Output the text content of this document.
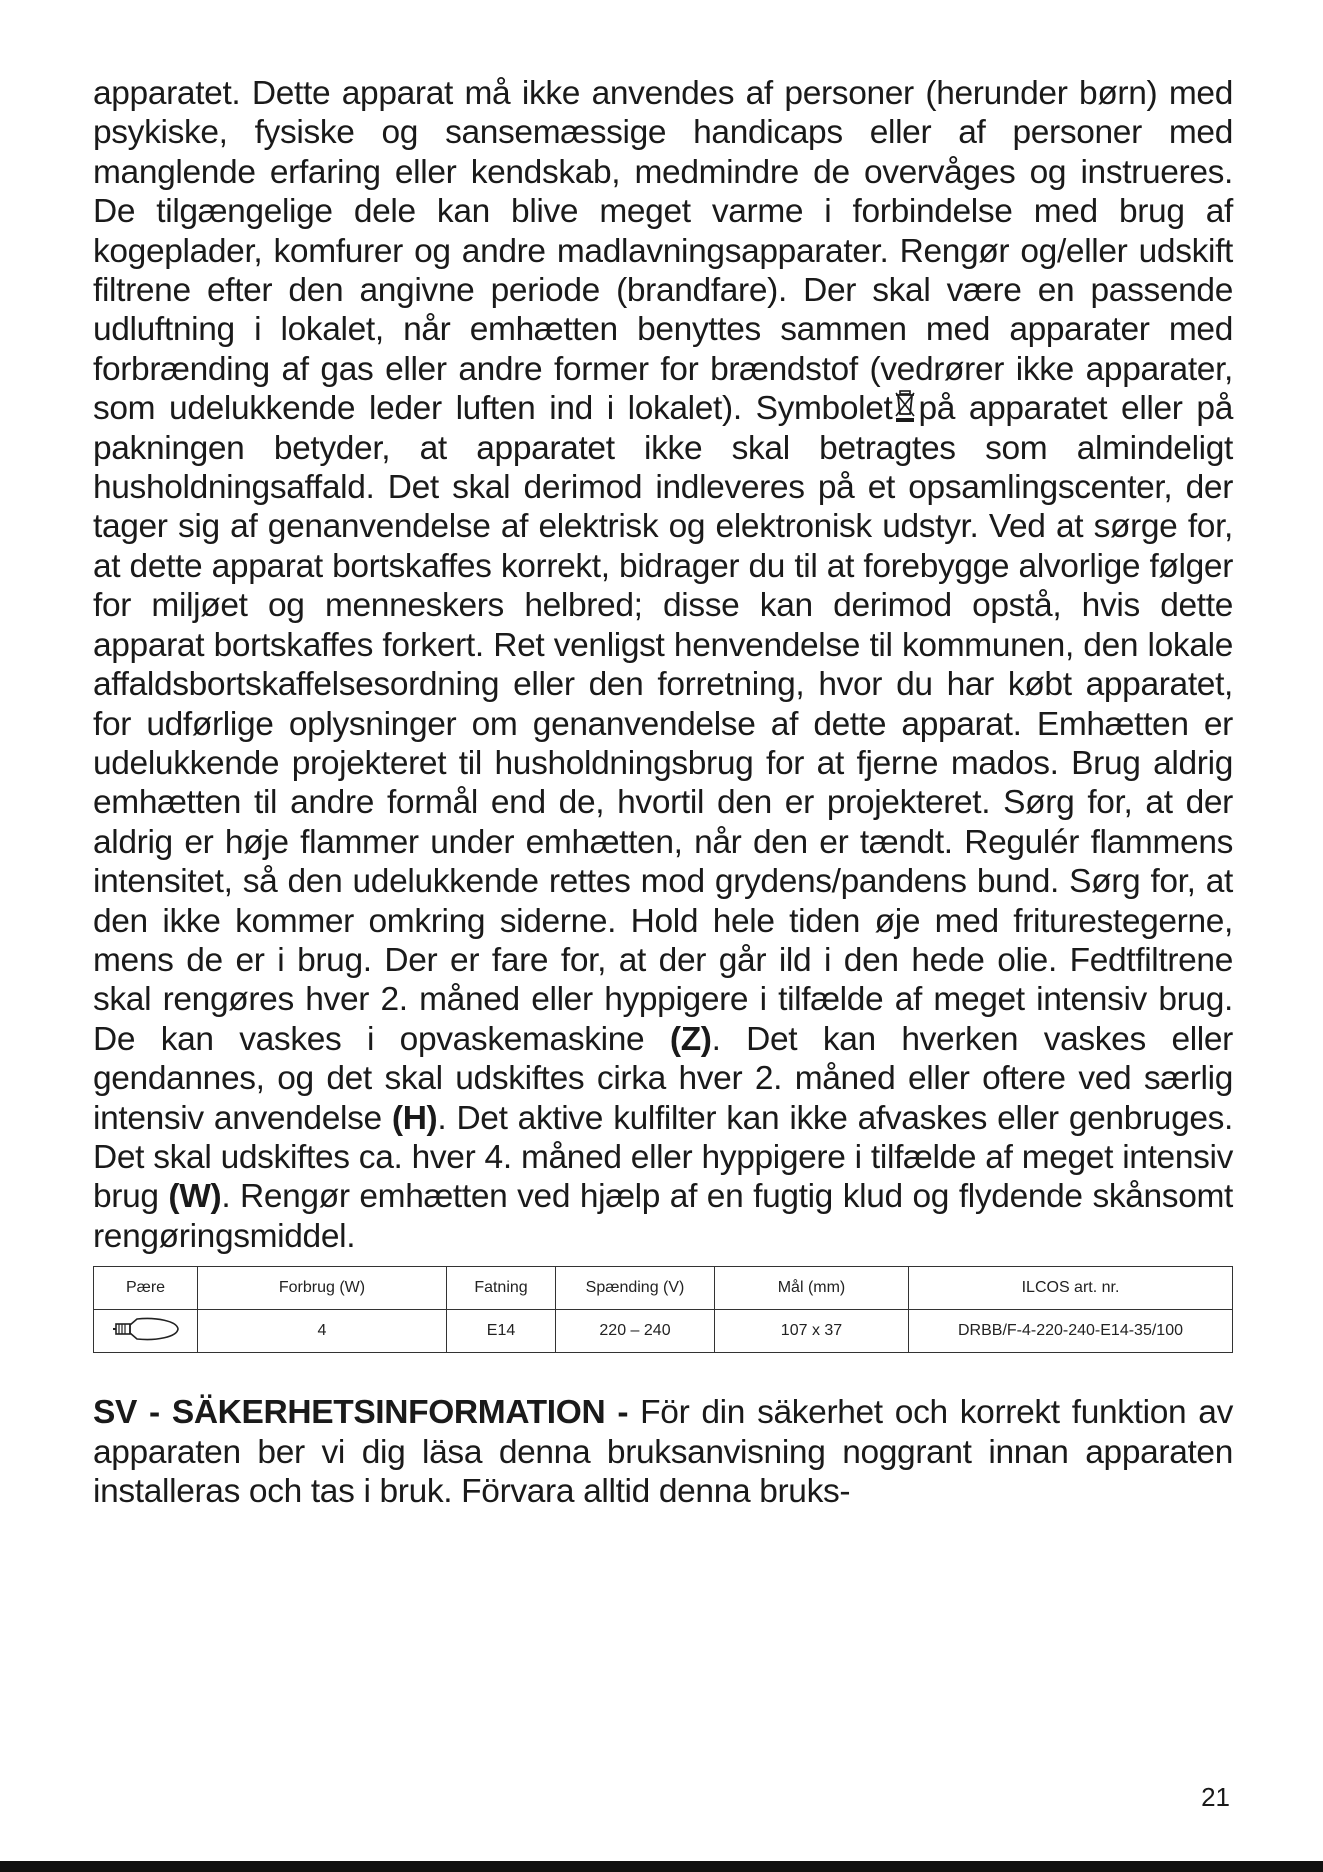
apparatet. Dette apparat må ikke anvendes af personer (herunder børn) med psykiske, fysiske og sansemæssige handicaps eller af personer med manglende erfaring eller kendskab, medmindre de overvåges og instrueres. De tilgængelige dele kan blive meget varme i forbindelse med brug af kogeplader, komfurer og andre madlavningsapparater. Rengør og/eller udskift filtrene efter den angivne periode (brandfare). Der skal være en passende udluftning i lokalet, når emhætten benyttes sammen med apparater med forbrænding af gas eller andre former for brændstof (vedrører ikke apparater, som udelukkende leder luften ind i lokalet). Symbolet på apparatet eller på pakningen betyder, at apparatet ikke skal betragtes som almindeligt husholdningsaffald. Det skal derimod indleveres på et opsamlingscenter, der tager sig af genanvendelse af elektrisk og elektronisk udstyr. Ved at sørge for, at dette apparat bortskaffes korrekt, bidrager du til at forebygge alvorlige følger for miljøet og menneskers helbred; disse kan derimod opstå, hvis dette apparat bortskaffes forkert. Ret venligst henvendelse til kommunen, den lokale affaldsbortskaffelsesordning eller den forretning, hvor du har købt apparatet, for udførlige oplysninger om genanvendelse af dette apparat. Emhætten er udelukkende projekteret til husholdningsbrug for at fjerne mados. Brug aldrig emhætten til andre formål end de, hvortil den er projekteret. Sørg for, at der aldrig er høje flammer under emhætten, når den er tændt. Regulér flammens intensitet, så den udelukkende rettes mod grydens/pandens bund. Sørg for, at den ikke kommer omkring siderne. Hold hele tiden øje med friturestegerne, mens de er i brug. Der er fare for, at der går ild i den hede olie. Fedtfiltrene skal rengøres hver 2. måned eller hyppigere i tilfælde af meget intensiv brug. De kan vaskes i opvaskemaskine (Z). Det kan hverken vaskes eller gendannes, og det skal udskiftes cirka hver 2. måned eller oftere ved særlig intensiv anvendelse (H). Det aktive kulfilter kan ikke afvaskes eller genbruges. Det skal udskiftes ca. hver 4. måned eller hyppigere i tilfælde af meget intensiv brug (W). Rengør emhætten ved hjælp af en fugtig klud og flydende skånsomt rengøringsmiddel.

Pære	Forbrug (W)	Fatning	Spænding (V)	Mål (mm)	ILCOS art. nr.
	4	E14	220 – 240	107 x 37	DRBB/F-4-220-240-E14-35/100

SV - SÄKERHETSINFORMATION - För din säkerhet och korrekt funktion av apparaten ber vi dig läsa denna bruksanvisning noggrant innan apparaten installeras och tas i bruk. Förvara alltid denna bruks-

21
